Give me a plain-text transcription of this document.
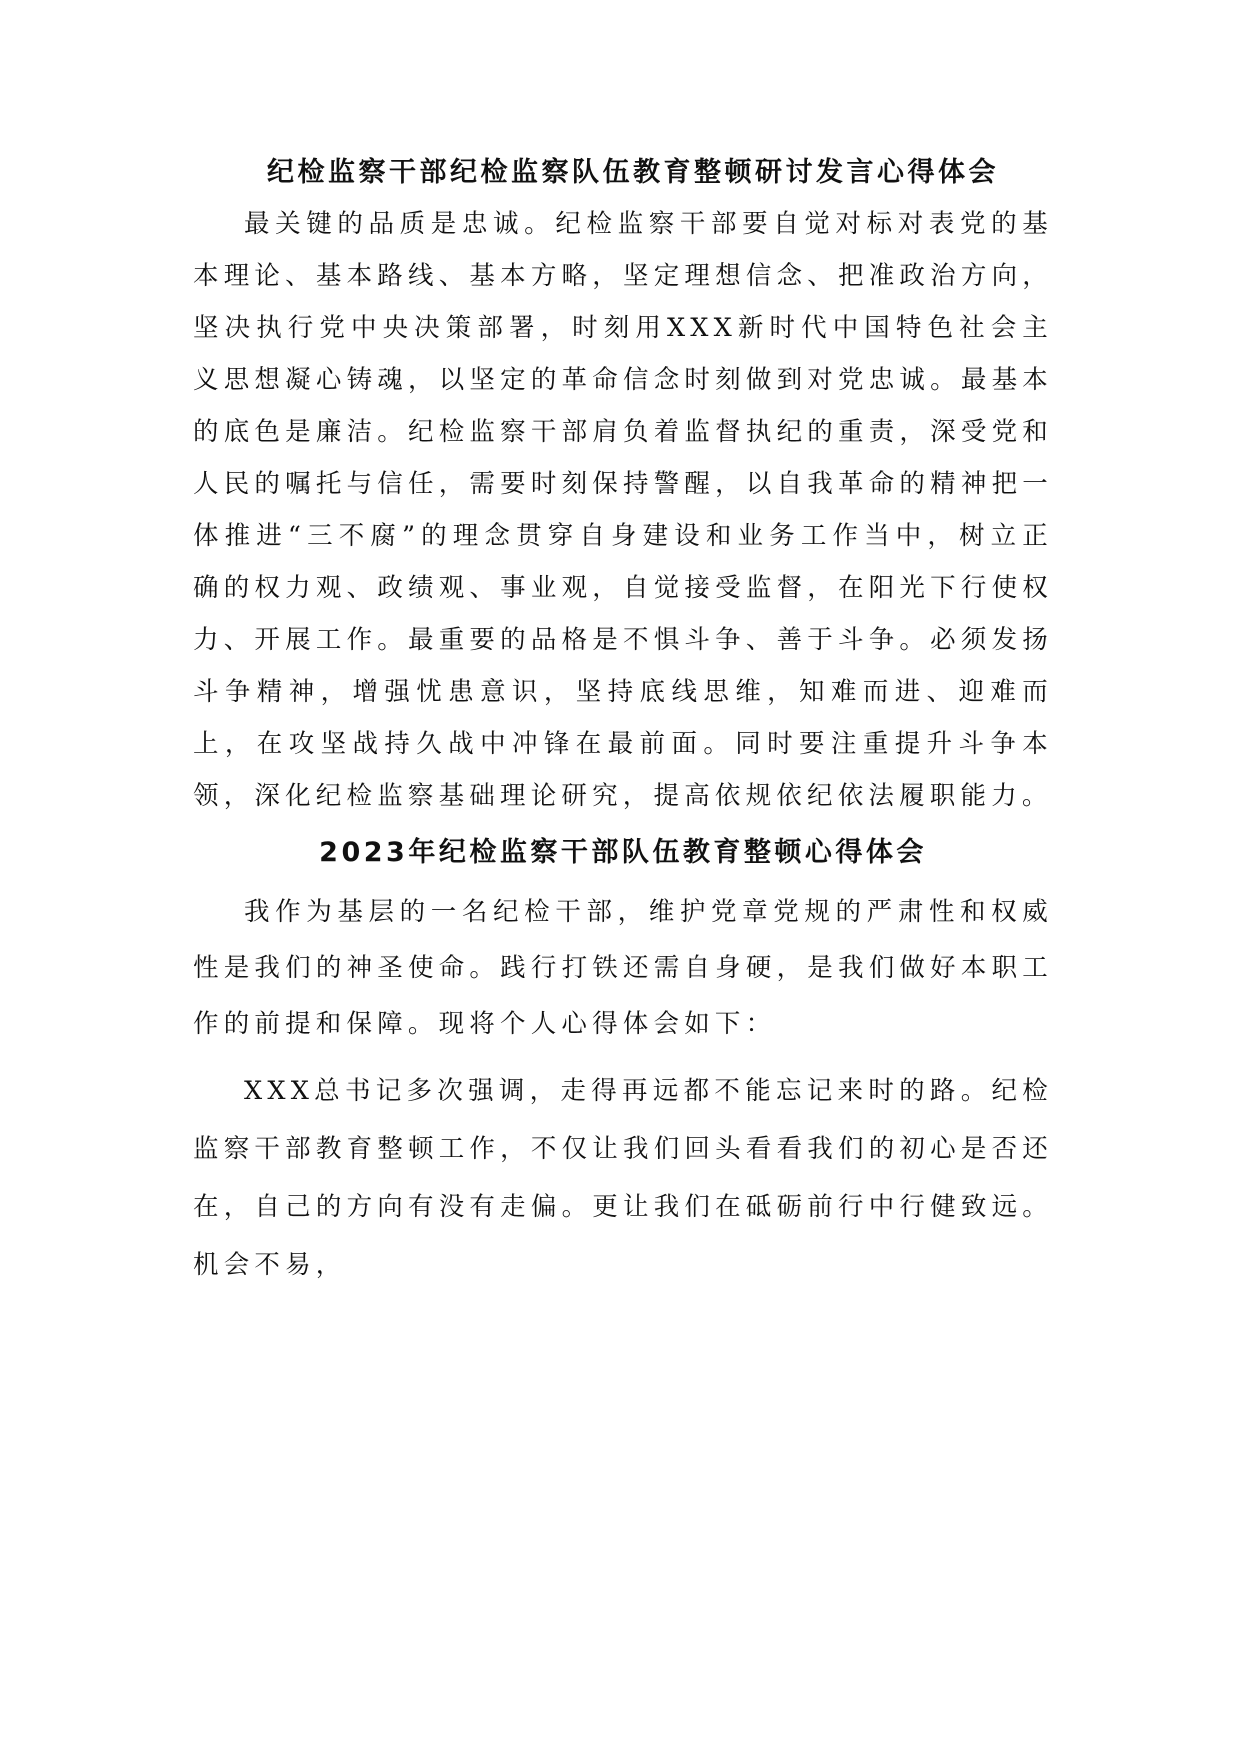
纪检监察干部纪检监察队伍教育整顿研讨发言心得体会

最关键的品质是忠诚。纪检监察干部要自觉对标对表党的基本理论、基本路线、基本方略，坚定理想信念、把准政治方向，坚决执行党中央决策部署，时刻用XXX新时代中国特色社会主义思想凝心铸魂，以坚定的革命信念时刻做到对党忠诚。最基本的底色是廉洁。纪检监察干部肩负着监督执纪的重责，深受党和人民的嘱托与信任，需要时刻保持警醒，以自我革命的精神把一体推进“三不腐”的理念贯穿自身建设和业务工作当中，树立正确的权力观、政绩观、事业观，自觉接受监督，在阳光下行使权力、开展工作。最重要的品格是不惧斗争、善于斗争。必须发扬斗争精神，增强忧患意识，坚持底线思维，知难而进、迎难而上，在攻坚战持久战中冲锋在最前面。同时要注重提升斗争本领，深化纪检监察基础理论研究，提高依规依纪依法履职能力。

2023年纪检监察干部队伍教育整顿心得体会

我作为基层的一名纪检干部，维护党章党规的严肃性和权威性是我们的神圣使命。践行打铁还需自身硬，是我们做好本职工作的前提和保障。现将个人心得体会如下：

XXX总书记多次强调，走得再远都不能忘记来时的路。纪检监察干部教育整顿工作，不仅让我们回头看看我们的初心是否还在，自己的方向有没有走偏。更让我们在砥砺前行中行健致远。机会不易，
